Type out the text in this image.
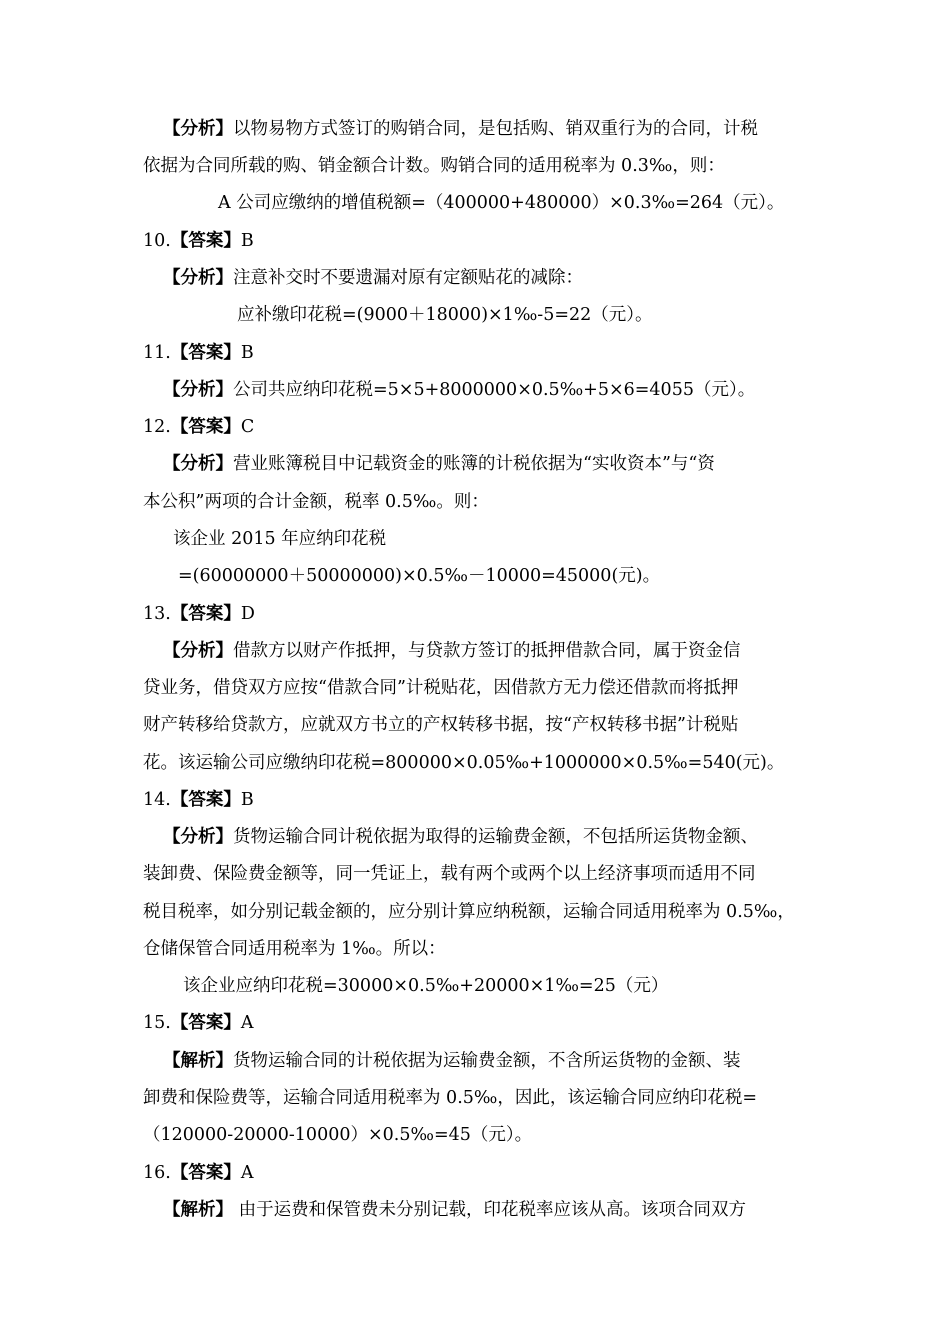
【分析】以物易物方式签订的购销合同，是包括购、销双重行为的合同，计税
依据为合同所载的购、销金额合计数。购销合同的适用税率为 0.3‰，则：
A 公司应缴纳的增值税额=（400000+480000）×0.3‰=264（元）。
10.【答案】B
【分析】注意补交时不要遗漏对原有定额贴花的减除：
应补缴印花税=(9000＋18000)×1‰-5=22（元）。
11.【答案】B
【分析】公司共应纳印花税=5×5+8000000×0.5‰+5×6=4055（元）。
12.【答案】C
【分析】营业账簿税目中记载资金的账簿的计税依据为“实收资本”与“资
本公积”两项的合计金额，税率 0.5‰。则：
该企业 2015 年应纳印花税
=(60000000＋50000000)×0.5‰－10000=45000(元)。
13.【答案】D
【分析】借款方以财产作抵押，与贷款方签订的抵押借款合同，属于资金信
贷业务，借贷双方应按“借款合同”计税贴花，因借款方无力偿还借款而将抵押
财产转移给贷款方，应就双方书立的产权转移书据，按“产权转移书据”计税贴
花。该运输公司应缴纳印花税=800000×0.05‰+1000000×0.5‰=540(元)。
14.【答案】B
【分析】货物运输合同计税依据为取得的运输费金额，不包括所运货物金额、
装卸费、保险费金额等，同一凭证上，载有两个或两个以上经济事项而适用不同
税目税率，如分别记载金额的，应分别计算应纳税额，运输合同适用税率为 0.5‰，
仓储保管合同适用税率为 1‰。所以：
该企业应纳印花税=30000×0.5‰+20000×1‰=25（元）
15.【答案】A
【解析】货物运输合同的计税依据为运输费金额，不含所运货物的金额、装
卸费和保险费等，运输合同适用税率为 0.5‰，因此，该运输合同应纳印花税=
（120000-20000-10000）×0.5‰=45（元）。
16.【答案】A
【解析】 由于运费和保管费未分别记载，印花税率应该从高。该项合同双方
